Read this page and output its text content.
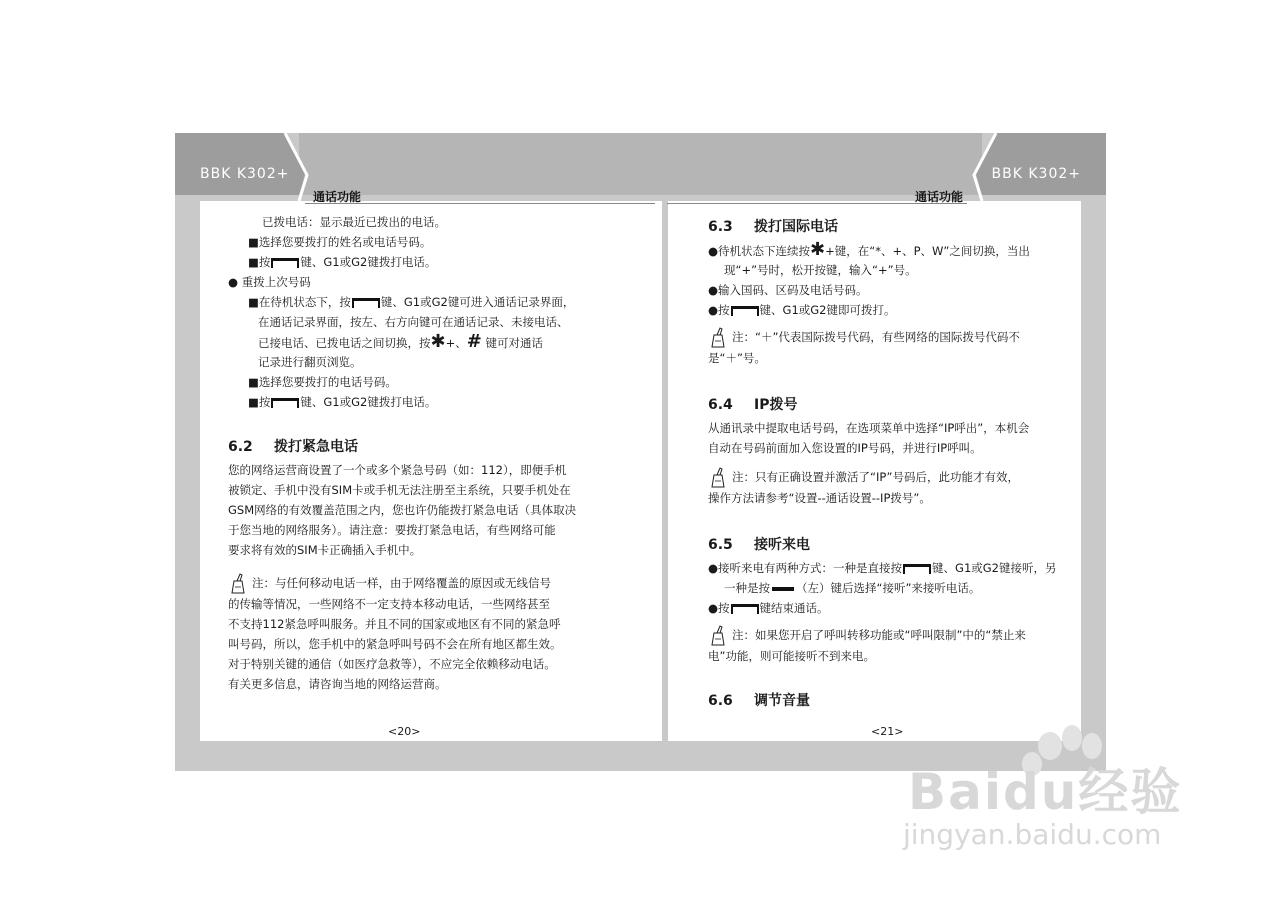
BBK K302+	BBK K302+
通话功能	通话功能
已拨电话：显示最近已拨出的电话。
■选择您要拨打的姓名或电话号码。
■按	键、G1或G2键拨打电话。
● 重拨上次号码
■在待机状态下，按	键、G1或G2键可进入通话记录界面，
在通话记录界面，按左、右方向键可在通话记录、未接电话、
已接电话、已拨电话之间切换，按✱+、# 键可对通话
记录进行翻页浏览。
■选择您要拨打的电话号码。
■按	键、G1或G2键拨打电话。
6.2 拨打紧急电话
您的网络运营商设置了一个或多个紧急号码（如：112），即便手机
被锁定、手机中没有SIM卡或手机无法注册至主系统，只要手机处在
GSM网络的有效覆盖范围之内，您也许仍能拨打紧急电话（具体取决
于您当地的网络服务）。请注意：要拨打紧急电话，有些网络可能
要求将有效的SIM卡正确插入手机中。
注：与任何移动电话一样，由于网络覆盖的原因或无线信号
的传输等情况，一些网络不一定支持本移动电话，一些网络甚至
不支持112紧急呼叫服务。并且不同的国家或地区有不同的紧急呼
叫号码，所以，您手机中的紧急呼叫号码不会在所有地区都生效。
对于特别关键的通信（如医疗急救等），不应完全依赖移动电话。
有关更多信息，请咨询当地的网络运营商。
<20>
6.3 拨打国际电话
●待机状态下连续按✱+键，在“*、+、P、W”之间切换，当出
现“+”号时，松开按键，输入“+”号。
●输入国码、区码及电话号码。
●按	键、G1或G2键即可拨打。
注：“＋”代表国际拨号代码，有些网络的国际拨号代码不
是“＋”号。
6.4 IP拨号
从通讯录中提取电话号码，在选项菜单中选择“IP呼出”，本机会
自动在号码前面加入您设置的IP号码，并进行IP呼叫。
注：只有正确设置并激活了“IP”号码后，此功能才有效，
操作方法请参考“设置--通话设置--IP拨号”。
6.5 接听来电
●接听来电有两种方式：一种是直接按	键、G1或G2键接听，另
一种是按 （左）键后选择“接听”来接听电话。
●按	键结束通话。
注：如果您开启了呼叫转移功能或“呼叫限制”中的“禁止来
电”功能，则可能接听不到来电。
6.6 调节音量
<21>
Baidu经验
jingyan.baidu.com
